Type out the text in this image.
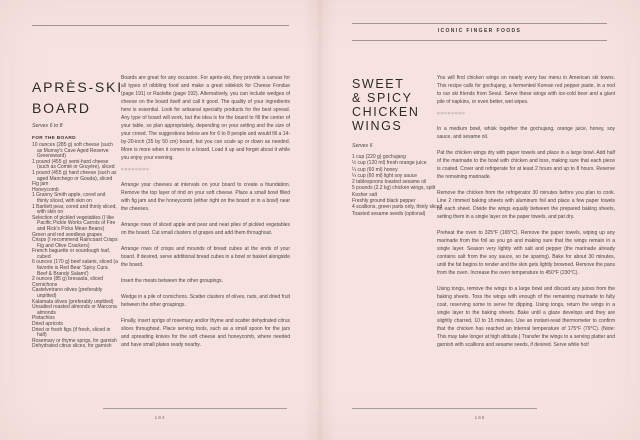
APRÈS-SKI
BOARD
Serves 6 to 8
FOR THE BOARD
10 ounces (285 g) soft cheese (such as Murray's Cave Aged Reserve Greensward)
1 pound (455 g) semi-hard cheese (such as Comté or Gruyère), sliced
1 pound (455 g) hard cheese (such as aged Manchego or Gouda), sliced
Fig jam
Honeycomb
1 Granny Smith apple, cored and thinly sliced, with skin on
1 Bartlett pear, cored and thinly sliced, with skin on
Selection of pickled vegetables (I like Pacific Pickle Works Carrots of Fire and Rick's Picks Mean Beans)
Green and red seedless grapes
Crisps (I recommend Raincoast Crisps Fig and Olive Crackers)
French baguette or sourdough loaf, cubed
6 ounces (170 g) beef salami, sliced (a favorite is Red Bear 'Spicy Cura Beef & Brandy Salami')
2 ounces (85 g) bresaola, sliced
Cornichons
Castelvetrano olives (preferably unpitted)
Kalamata olives (preferably unpitted)
Unsalted roasted almonds or Marcona almonds
Pistachios
Dried apricots
Dried or fresh figs (if fresh, sliced in half)
Rosemary or thyme sprigs, for garnish
Dehydrated citrus slices, for garnish

Boards are great for any occasion. For après-ski, they provide a canvas for all types of nibbling food and make a great sidekick for Cheese Fondue (page 191) or Raclette (page 192). Alternatively, you can include wedges of cheese on the board itself and call it good. The quality of your ingredients here is essential. Look for artisanal specialty products for the best spread. Any type of board will work, but the idea is for the board to fill the center of your table, so plan appropriately, depending on your setting and the size of your crowd. The suggestions below are for 6 to 8 people and would fill a 14-by-20-inch (35 by 50 cm) board, but you can scale up or down as needed. More is more when it comes to a board. Load it up and forget about it while you enjoy your evening.

◇◇◇◇◇◇◇◇

Arrange your cheeses at intervals on your board to create a foundation. Remove the top layer of rind on your soft cheese. Place a small bowl filled with fig jam and the honeycomb (either right on the board or in a bowl) near the cheeses.

Arrange rows of sliced apple and pear and neat piles of pickled vegetables on the board. Cut small clusters of grapes and add them throughout.

Arrange rows of crisps and mounds of bread cubes at the ends of your board. If desired, serve additional bread cubes in a bowl or basket alongside the board.

Insert the meats between the other groupings.

Wedge in a pile of cornichons. Scatter clusters of olives, nuts, and dried fruit between the other groupings.

Finally, insert sprigs of rosemary and/or thyme and scatter dehydrated citrus slices throughout. Place serving tools, such as a small spoon for the jars and spreading knives for the soft cheese and honeycomb, where needed and have small plates ready nearby.

184
ICONIC FINGER FOODS
SWEET
& SPICY
CHICKEN
WINGS
Serves 6
1 cup (220 g) gochujang
½ cup (120 ml) fresh orange juice
¼ cup (60 ml) honey
¼ cup (60 ml) light soy sauce
2 tablespoons toasted sesame oil
5 pounds (2.2 kg) chicken wings, split
Kosher salt
Freshly ground black pepper
4 scallions, green parts only, thinly sliced
Toasted sesame seeds (optional)

You will find chicken wings on nearly every bar menu in American ski towns. This recipe calls for gochujang, a fermented Korean red pepper paste, in a nod to our ski friends from Seoul. Serve these wings with ice-cold beer and a giant pile of napkins, or even better, wet wipes.

◇◇◇◇◇◇◇◇

In a medium bowl, whisk together the gochujang, orange juice, honey, soy sauce, and sesame oil.

Pat the chicken wings dry with paper towels and place in a large bowl. Add half of the marinade to the bowl with chicken and toss, making sure that each piece is coated. Cover and refrigerate for at least 2 hours and up to 8 hours. Reserve the remaining marinade.

Remove the chicken from the refrigerator 30 minutes before you plan to cook. Line 2 rimmed baking sheets with aluminum foil and place a few paper towels on each sheet. Divide the wings equally between the prepared baking sheets, setting them in a single layer on the paper towels, and pat dry.

Preheat the oven to 325°F (165°C). Remove the paper towels, wiping up any marinade from the foil as you go and making sure that the wings remain in a single layer. Season very lightly with salt and pepper (the marinade already contains salt from the soy sauce, so be sparing). Bake for about 30 minutes, until the fat begins to render and the skin gets lightly browned. Remove the pans from the oven. Increase the oven temperature to 450°F (230°C).

Using tongs, remove the wings to a large bowl and discard any juices from the baking sheets. Toss the wings with enough of the remaining marinade to fully coat, reserving some to serve for dipping. Using tongs, return the wings in a single layer to the baking sheets. Bake until a glaze develops and they are slightly charred, 10 to 15 minutes. Use an instant-read thermometer to confirm that the chicken has reached an internal temperature of 175°F (79°C). (Note: This may take longer at high altitude.) Transfer the wings to a serving platter and garnish with scallions and sesame seeds, if desired. Serve while hot!

185
